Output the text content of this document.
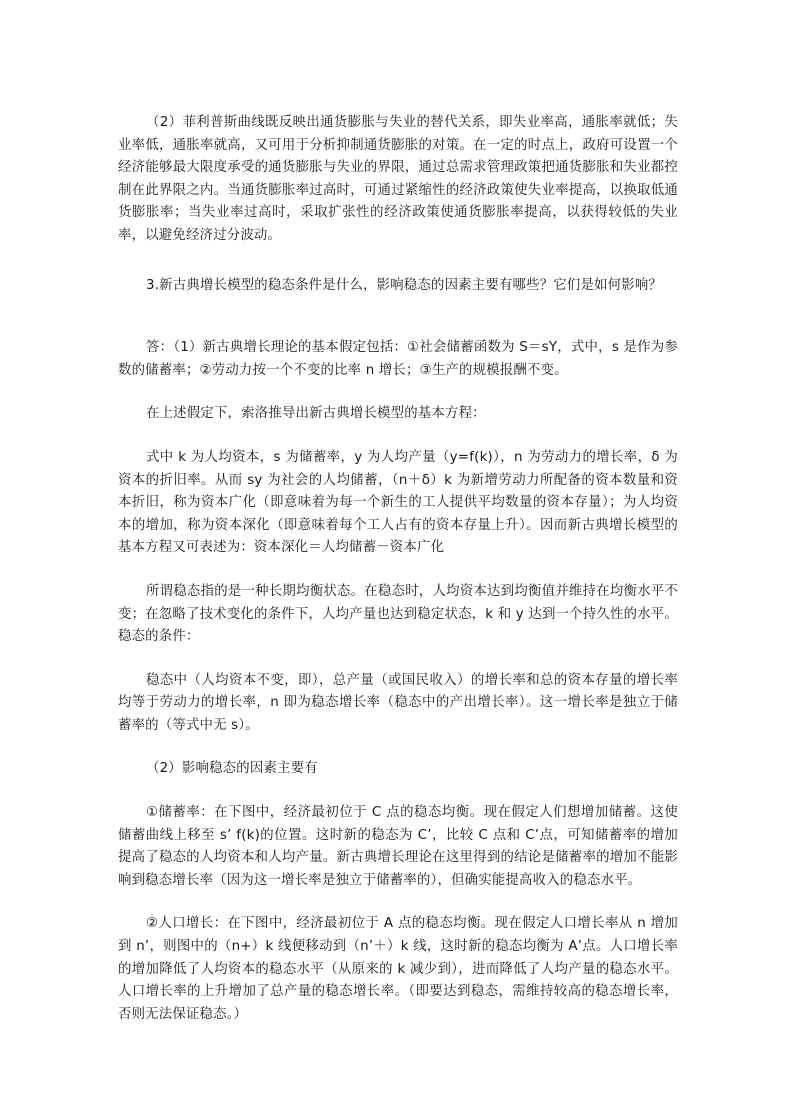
（2）菲利普斯曲线既反映出通货膨胀与失业的替代关系，即失业率高，通胀率就低；失业率低，通胀率就高，又可用于分析抑制通货膨胀的对策。在一定的时点上，政府可设置一个经济能够最大限度承受的通货膨胀与失业的界限，通过总需求管理政策把通货膨胀和失业都控制在此界限之内。当通货膨胀率过高时，可通过紧缩性的经济政策使失业率提高，以换取低通货膨胀率；当失业率过高时，采取扩张性的经济政策使通货膨胀率提高，以获得较低的失业率，以避免经济过分波动。

3.新古典增长模型的稳态条件是什么，影响稳态的因素主要有哪些？它们是如何影响？

答：（1）新古典增长理论的基本假定包括：①社会储蓄函数为 S＝sY，式中，s 是作为参数的储蓄率；②劳动力按一个不变的比率 n 增长；③生产的规模报酬不变。

在上述假定下，索洛推导出新古典增长模型的基本方程：

式中 k 为人均资本，s 为储蓄率，y 为人均产量（y=f(k)），n 为劳动力的增长率，δ 为资本的折旧率。从而 sy 为社会的人均储蓄，（n＋δ）k 为新增劳动力所配备的资本数量和资本折旧，称为资本广化（即意味着为每一个新生的工人提供平均数量的资本存量）；为人均资本的增加，称为资本深化（即意味着每个工人占有的资本存量上升）。因而新古典增长模型的基本方程又可表述为：资本深化＝人均储蓄－资本广化

所谓稳态指的是一种长期均衡状态。在稳态时，人均资本达到均衡值并维持在均衡水平不变；在忽略了技术变化的条件下，人均产量也达到稳定状态，k 和 y 达到一个持久性的水平。稳态的条件：

稳态中（人均资本不变，即），总产量（或国民收入）的增长率和总的资本存量的增长率均等于劳动力的增长率，n 即为稳态增长率（稳态中的产出增长率）。这一增长率是独立于储蓄率的（等式中无 s）。

（2）影响稳态的因素主要有

①储蓄率：在下图中，经济最初位于 C 点的稳态均衡。现在假定人们想增加储蓄。这使储蓄曲线上移至 s’ f(k)的位置。这时新的稳态为 C’，比较 C 点和 C’点，可知储蓄率的增加提高了稳态的人均资本和人均产量。新古典增长理论在这里得到的结论是储蓄率的增加不能影响到稳态增长率（因为这一增长率是独立于储蓄率的），但确实能提高收入的稳态水平。

②人口增长：在下图中，经济最初位于 A 点的稳态均衡。现在假定人口增长率从 n 增加到 n’，则图中的（n+）k 线便移动到（n’＋）k 线，这时新的稳态均衡为 A’点。人口增长率的增加降低了人均资本的稳态水平（从原来的 k 减少到），进而降低了人均产量的稳态水平。人口增长率的上升增加了总产量的稳态增长率。（即要达到稳态，需维持较高的稳态增长率，否则无法保证稳态。）
